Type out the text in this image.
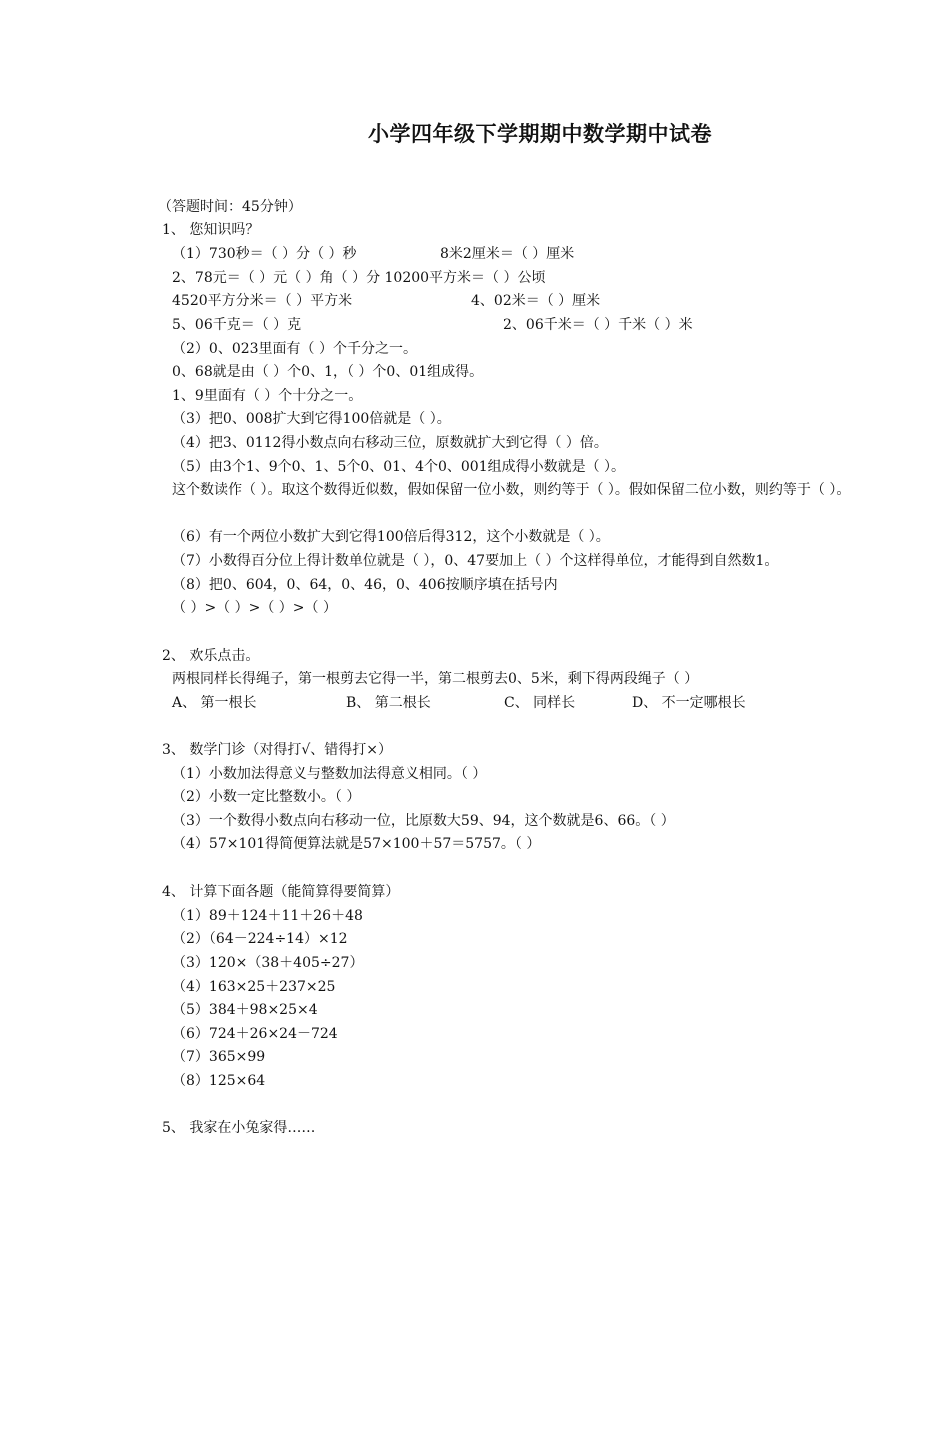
小学四年级下学期期中数学期中试卷
（答题时间：45分钟）
1、 您知识吗？
（1）730秒＝（ ）分（ ）秒	8米2厘米＝（ ）厘米
2、78元＝（ ）元（ ）角（ ）分 10200平方米＝（ ）公顷
4520平方分米＝（ ）平方米	4、02米＝（ ）厘米
5、06千克＝（ ）克	2、06千米＝（ ）千米（ ）米
（2）0、023里面有（ ）个千分之一。
0、68就是由（ ）个0、1，（ ）个0、01组成得。
1、9里面有（ ）个十分之一。
（3）把0、008扩大到它得100倍就是（ ）。
（4）把3、0112得小数点向右移动三位，原数就扩大到它得（ ）倍。
（5）由3个1、9个0、1、5个0、01、4个0、001组成得小数就是（ ）。
这个数读作（ ）。取这个数得近似数，假如保留一位小数，则约等于（ ）。假如保留二位小数，则约等于（ ）。
（6）有一个两位小数扩大到它得100倍后得312，这个小数就是（ ）。
（7）小数得百分位上得计数单位就是（ ），0、47要加上（ ）个这样得单位，才能得到自然数1。
（8）把0、604，0、64，0、46，0、406按顺序填在括号内
（ ）>（ ）>（ ）>（ ）
2、 欢乐点击。
两根同样长得绳子，第一根剪去它得一半，第二根剪去0、5米，剩下得两段绳子（ ）
A、 第一根长	B、 第二根长	C、 同样长	D、 不一定哪根长
3、 数学门诊（对得打√、错得打×）
（1）小数加法得意义与整数加法得意义相同。（ ）
（2）小数一定比整数小。（ ）
（3）一个数得小数点向右移动一位，比原数大59、94，这个数就是6、66。（ ）
（4）57×101得简便算法就是57×100＋57＝5757。（ ）
4、 计算下面各题（能简算得要简算）
（1）89＋124＋11＋26＋48
（2）（64－224÷14）×12
（3）120×（38＋405÷27）
（4）163×25＋237×25
（5）384＋98×25×4
（6）724＋26×24－724
（7）365×99
（8）125×64
5、 我家在小兔家得……
